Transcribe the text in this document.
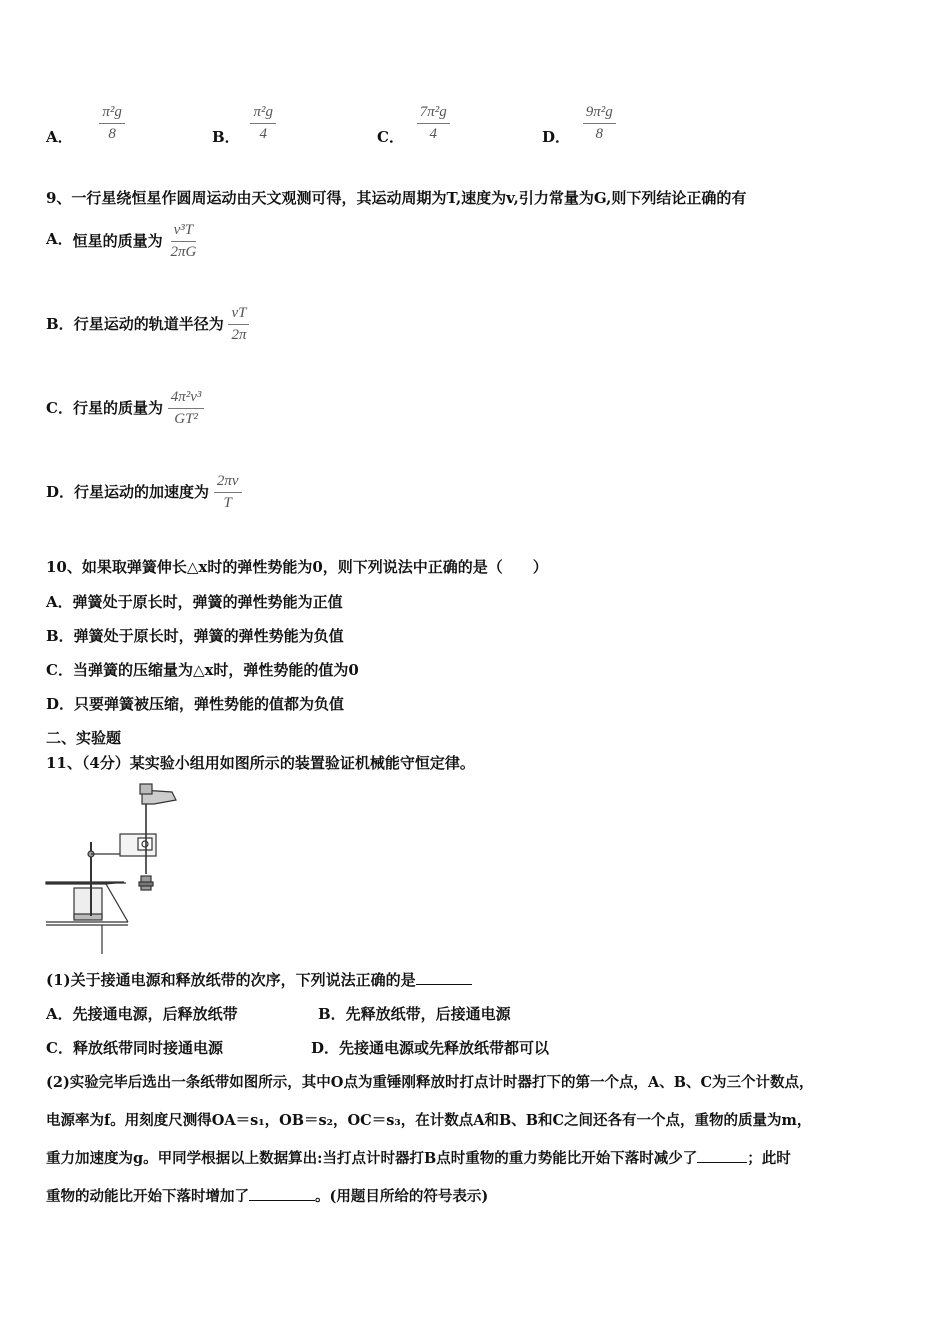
A． $\frac{\text{π²g}}{8}$	B． $\frac{\text{π²g}}{4}$	C． $\frac{\text{7π²g}}{4}$	D． $\frac{\text{9π²g}}{8}$
9、一行星绕恒星作圆周运动由天文观测可得，其运动周期为T,速度为v,引力常量为G,则下列结论正确的有
A．恒星的质量为 $\frac{\text{v³T}}{2\pi G}$
B．行星运动的轨道半径为 $\frac{vT}{2\pi}$
C．行星的质量为 $\frac{\text{4π²v³}}{\text{GT²}}$
D．行星运动的加速度为 $\frac{2\pi v}{T}$
10、如果取弹簧伸长△x时的弹性势能为0，则下列说法中正确的是（　　）
A．弹簧处于原长时，弹簧的弹性势能为正值
B．弹簧处于原长时，弹簧的弹性势能为负值
C．当弹簧的压缩量为△x时，弹性势能的值为0
D．只要弹簧被压缩，弹性势能的值都为负值
二、实验题
11、（4分）某实验小组用如图所示的装置验证机械能守恒定律。
(1)关于接通电源和释放纸带的次序，下列说法正确的是
A．先接通电源，后释放纸带	B．先释放纸带，后接通电源
C．释放纸带同时接通电源	D．先接通电源或先释放纸带都可以
(2)实验完毕后选出一条纸带如图所示，其中O点为重锤刚释放时打点计时器打下的第一个点，A、B、C为三个计数点，
电源率为f。用刻度尺测得OA＝s₁，OB＝s₂，OC＝s₃，在计数点A和B、B和C之间还各有一个点，重物的质量为m，
重力加速度为g。甲同学根据以上数据算出:当打点计时器打B点时重物的重力势能比开始下落时减少了	；此时
重物的动能比开始下落时增加了	。(用题目所给的符号表示)
